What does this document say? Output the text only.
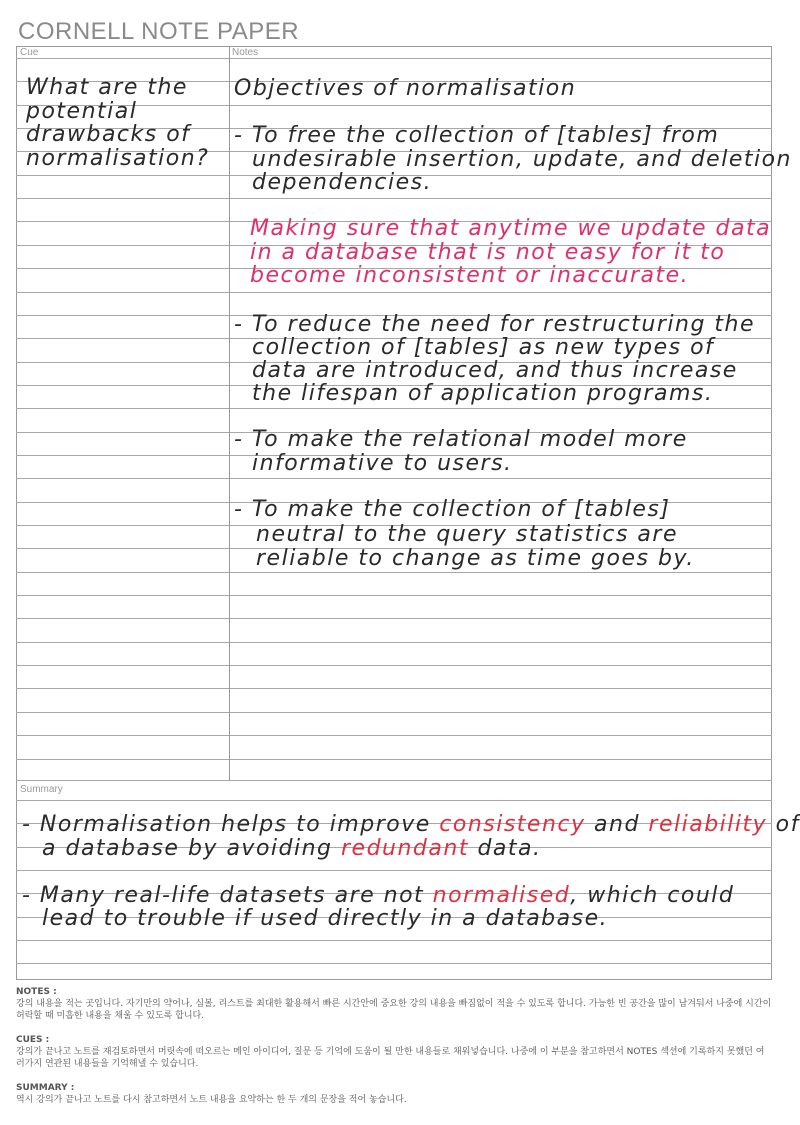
CORNELL NOTE PAPER
Cue	Notes
Summary
What are the
potential
drawbacks of
normalisation?
Objectives of normalisation
- To free the collection of [tables] from
undesirable insertion, update, and deletion
dependencies.
Making sure that anytime we update data
in a database that is not easy for it to
become inconsistent or inaccurate.
- To reduce the need for restructuring the
collection of [tables] as new types of
data are introduced, and thus increase
the lifespan of application programs.
- To make the relational model more
informative to users.
- To make the collection of [tables]
neutral to the query statistics are
reliable to change as time goes by.
- Normalisation helps to improve consistency and reliability of
a database by avoiding redundant data.
- Many real-life datasets are not normalised, which could
lead to trouble if used directly in a database.
NOTES :
강의 내용을 적는 곳입니다. 자기만의 약어나, 심볼, 리스트를 최대한 활용해서 빠른 시간안에 중요한 강의 내용을 빠짐없이 적을 수 있도록 합니다. 가능한 빈 공간을 많이 남겨둬서 나중에 시간이 허락할 때 미흡한 내용을 채울 수 있도록 합니다.
CUES :
강의가 끝나고 노트를 재검토하면서 머릿속에 떠오르는 메인 아이디어, 질문 등 기억에 도움이 될 만한 내용들로 채워넣습니다. 나중에 이 부분을 참고하면서 NOTES 섹션에 기록하지 못했던 여러가지 연관된 내용들을 기억해낼 수 있습니다.
SUMMARY :
역시 강의가 끝나고 노트를 다시 참고하면서 노트 내용을 요약하는 한 두 개의 문장을 적어 놓습니다.
